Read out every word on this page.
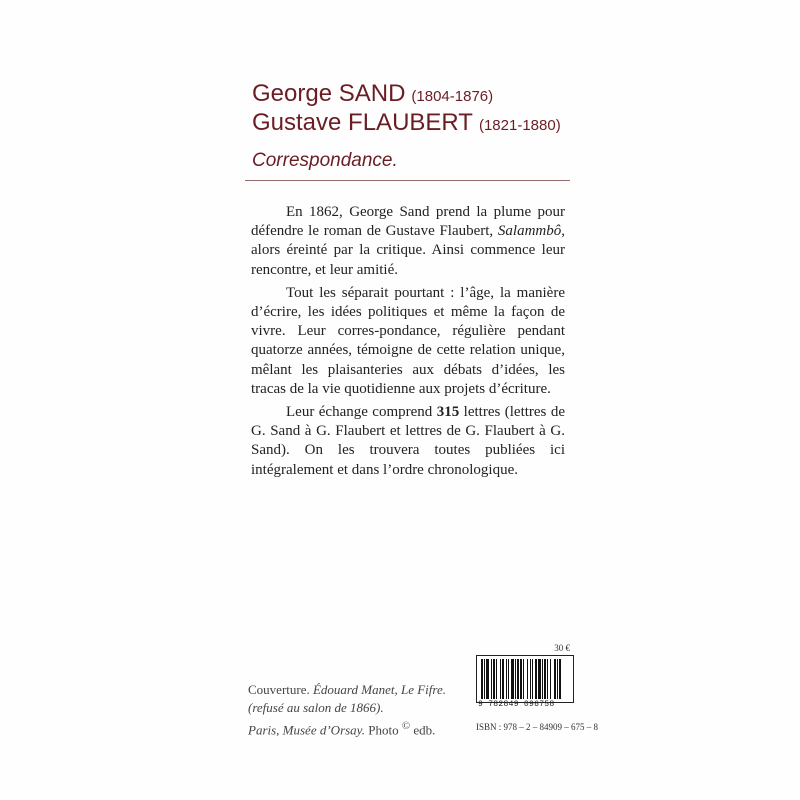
George SAND (1804-1876)
Gustave FLAUBERT (1821-1880)
Correspondance.

En 1862, George Sand prend la plume pour défendre le roman de Gustave Flaubert, Salammbô, alors éreinté par la critique. Ainsi commence leur rencontre, et leur amitié.

Tout les séparait pourtant : l’âge, la manière d’écrire, les idées politiques et même la façon de vivre. Leur corres-pondance, régulière pendant quatorze années, témoigne de cette relation unique, mêlant les plaisanteries aux débats d’idées, les tracas de la vie quotidienne aux projets d’écriture.

Leur échange comprend 315 lettres (lettres de G. Sand à G. Flaubert et lettres de G. Flaubert à G. Sand). On les trouvera toutes publiées ici intégralement et dans l’ordre chronologique.

Couverture. Édouard Manet, Le Fifre.
(refusé au salon de 1866).
Paris, Musée d’Orsay. Photo © edb.
30 €
9 782849 096758
ISBN : 978 – 2 – 84909 – 675 – 8
